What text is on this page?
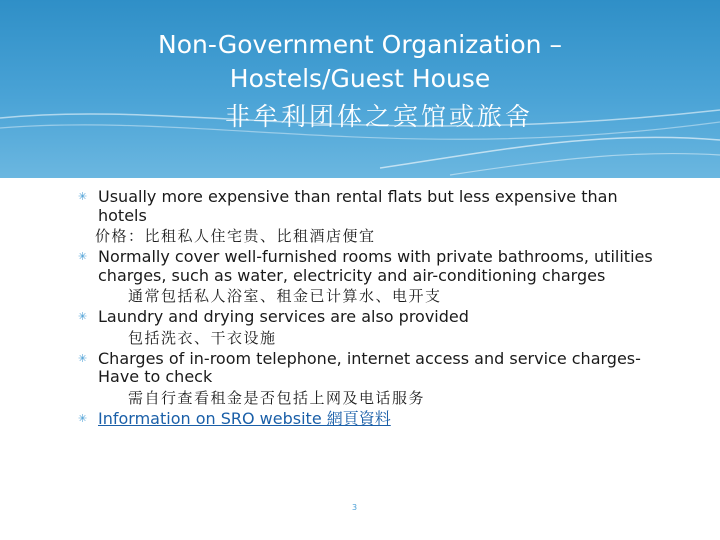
Non-Government Organization –
Hostels/Guest House
非牟利团体之宾馆或旅舍
✳ Usually more expensive than rental flats but less expensive than hotels
价格：比租私人住宅贵、比租酒店便宜
✳ Normally cover well-furnished rooms with private bathrooms, utilities charges, such as water, electricity and air-conditioning charges
通常包括私人浴室、租金已计算水、电开支
✳ Laundry and drying services are also provided
包括洗衣、干衣设施
✳ Charges of in-room telephone, internet access and service charges- Have to check
需自行查看租金是否包括上网及电话服务
✳ Information on SRO website 網頁資料
3
